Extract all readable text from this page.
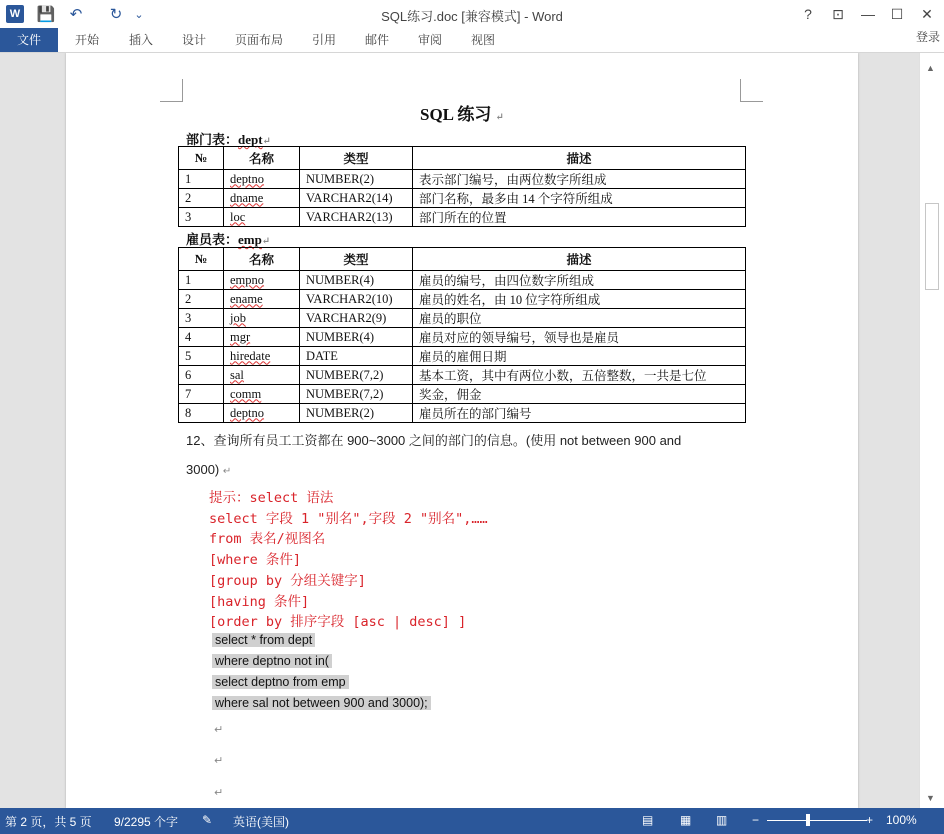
W 💾 ↶ ↻	⌄	SQL练习.doc [兼容模式] - Word	?	⊡	—	☐	✕
文件	开始 插入 设计 页面布局 引用 邮件 审阅 视图	登录
SQL 练习 ↵
部门表：dept↵
№	名称	类型	描述
1	deptno	NUMBER(2)	表示部门编号，由两位数字所组成
2	dname	VARCHAR2(14)	部门名称，最多由 14 个字符所组成
3	loc	VARCHAR2(13)	部门所在的位置
雇员表：emp↵
№	名称	类型	描述
1	empno	NUMBER(4)	雇员的编号，由四位数字所组成
2	ename	VARCHAR2(10)	雇员的姓名，由 10 位字符所组成
3	job	VARCHAR2(9)	雇员的职位
4	mgr	NUMBER(4)	雇员对应的领导编号，领导也是雇员
5	hiredate	DATE	雇员的雇佣日期
6	sal	NUMBER(7,2)	基本工资，其中有两位小数，五倍整数，一共是七位
7	comm	NUMBER(7,2)	奖金，佣金
8	deptno	NUMBER(2)	雇员所在的部门编号
12、查询所有员工工资都在 900~3000 之间的部门的信息。(使用 not between 900 and
3000) ↵
提示：select 语法
select 字段 1 "别名",字段 2 "别名",……
from 表名/视图名
[where 条件]
[group by 分组关键字]
[having 条件]
[order by 排序字段 [asc | desc] ]
select * from dept
where deptno not in(
select deptno from emp
where sal not between 900 and 3000);
↵
↵
↵
▲
▼
第 2 页，共 5 页 9/2295 个字 ✎ 英语(美国)	▤ ▦ ▥ −	+ 100%
